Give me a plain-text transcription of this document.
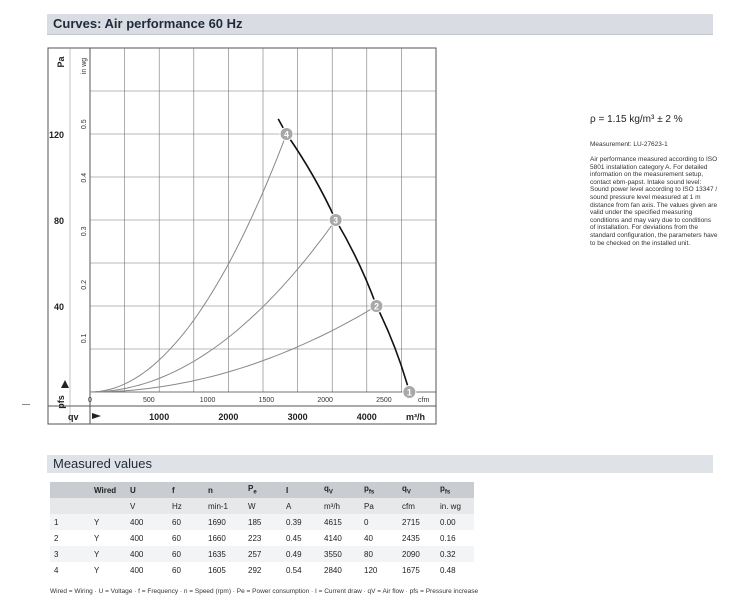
Curves: Air performance 60 Hz
40
80
120
0.1
0.2
0.3
0.4
0.5
Pa in wg
pfs	0	500	1000	1500	2000	2500	cfm
1000	2000	3000	4000	m³/h
qv
1
2
3
4
ρ = 1.15 kg/m³ ± 2 %
Measurement: LU-27623-1
Air performance measured according to ISO 5801 installation category A. For detailed information on the measurement setup, contact ebm-papst. Intake sound level: Sound power level according to ISO 13347 / sound pressure level measured at 1 m distance from fan axis. The values given are valid under the specified measuring conditions and may vary due to conditions of installation. For deviations from the standard configuration, the parameters have to be checked on the installed unit.
Measured values
	Wired	U	f	n	$P_e$	I	$q_V$	$p_{fs}$	$q_V$	$p_{fs}$
		V	Hz	min-1	W	A	m³/h	Pa	cfm	in. wg
1	Y	400	60	1690	185	0.39	4615	0	2715	0.00
2	Y	400	60	1660	223	0.45	4140	40	2435	0.16
3	Y	400	60	1635	257	0.49	3550	80	2090	0.32
4	Y	400	60	1605	292	0.54	2840	120	1675	0.48
Wired = Wiring · U = Voltage · f = Frequency · n = Speed (rpm) · Pe = Power consumption · I = Current draw · qV = Air flow · pfs = Pressure increase
